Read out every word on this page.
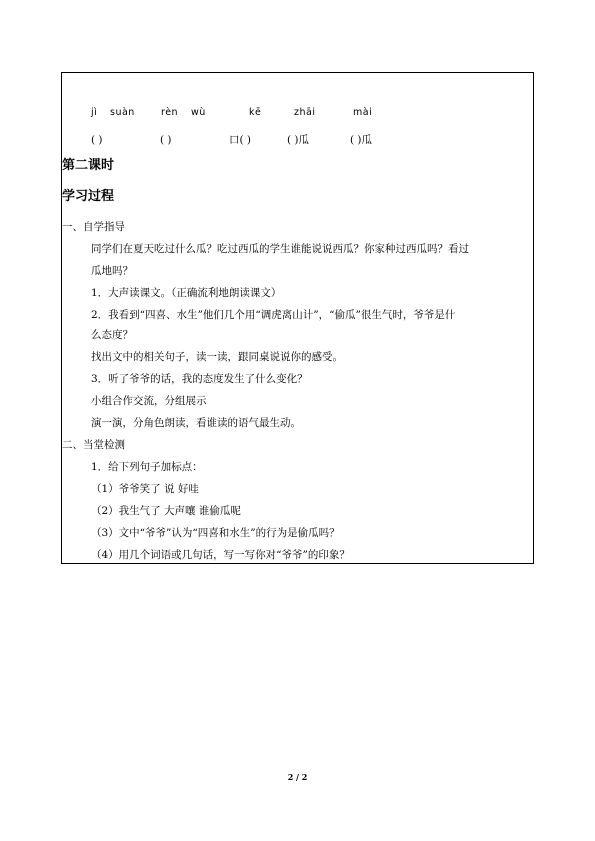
jì suàn	rèn wù	kē	zhāi	mài
( )	( )	口( )	( )瓜	( )瓜
第二课时
学习过程
一、自学指导
同学们在夏天吃过什么瓜？吃过西瓜的学生谁能说说西瓜？你家种过西瓜吗？看过
瓜地吗？
1．大声读课文。（正确流利地朗读课文）
2．我看到“四喜、水生”他们几个用“调虎离山计”，“偷瓜”很生气时，爷爷是什
么态度？
找出文中的相关句子，读一读，跟同桌说说你的感受。
3．听了爷爷的话，我的态度发生了什么变化？
小组合作交流，分组展示
演一演，分角色朗读，看谁读的语气最生动。
二、当堂检测
1．给下列句子加标点：
（1）爷爷笑了 说 好哇
（2）我生气了 大声嚷 谁偷瓜呢
（3）文中“爷爷”认为“四喜和水生”的行为是偷瓜吗？
（4）用几个词语或几句话，写一写你对“爷爷”的印象？
2 / 2
